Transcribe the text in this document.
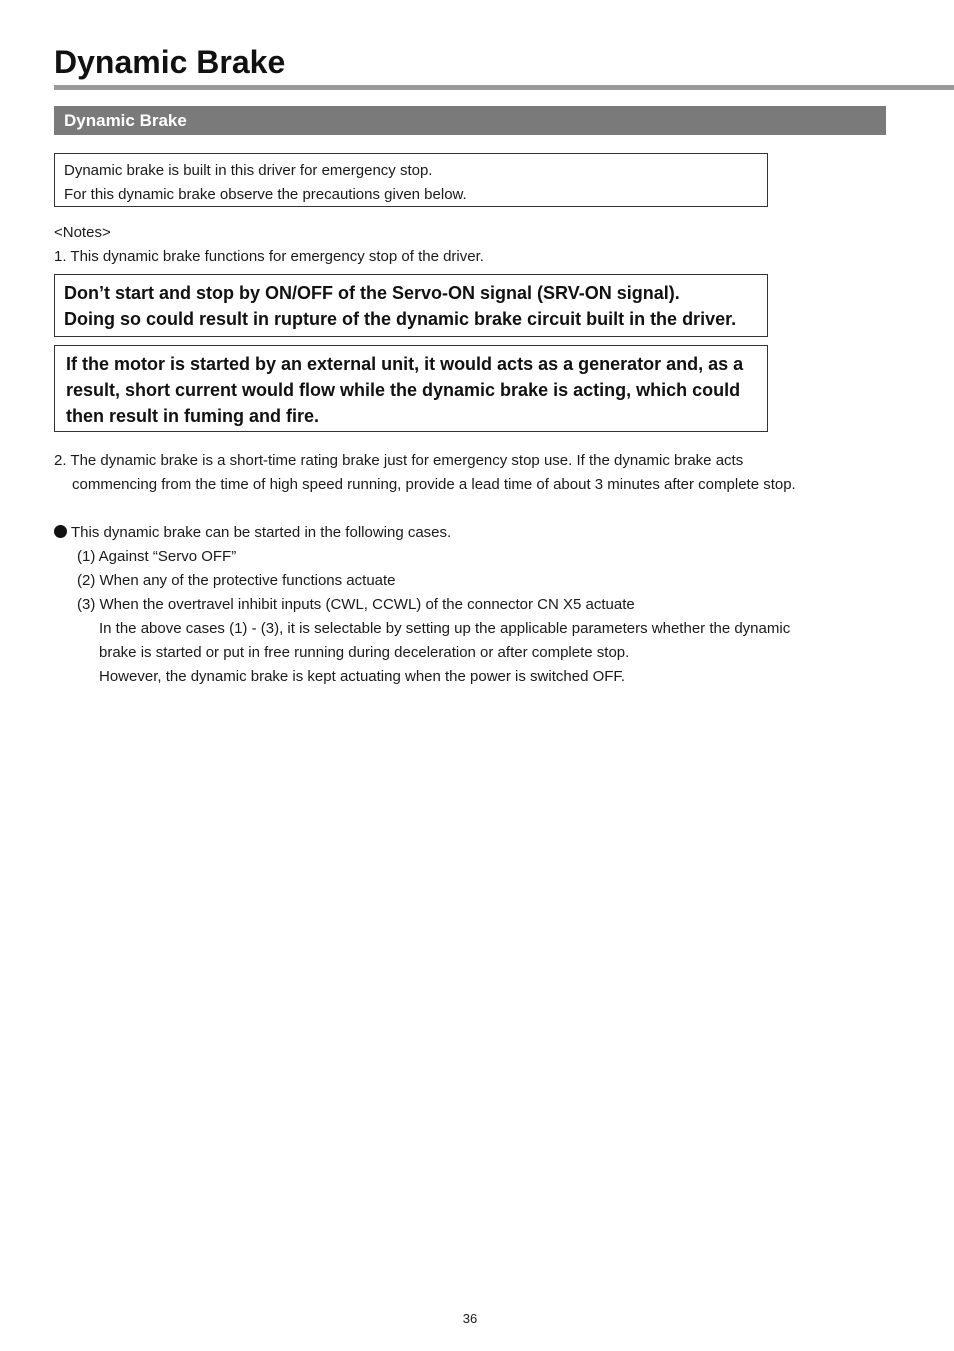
Dynamic Brake
Dynamic Brake
Dynamic brake is built in this driver for emergency stop.
For this dynamic brake observe the precautions given below.
<Notes>
1. This dynamic brake functions for emergency stop of the driver.
Don’t start and stop by ON/OFF of the Servo-ON signal (SRV-ON signal).
Doing so could result in rupture of the dynamic brake circuit built in the driver.
If the motor is started by an external unit, it would acts as a generator and, as a
result, short current would flow while the dynamic brake is acting, which could
then result in fuming and fire.
2. The dynamic brake is a short-time rating brake just for emergency stop use. If the dynamic brake acts
commencing from the time of high speed running, provide a lead time of about 3 minutes after complete stop.
This dynamic brake can be started in the following cases.
(1) Against “Servo OFF”
(2) When any of the protective functions actuate
(3) When the overtravel inhibit inputs (CWL, CCWL) of the connector CN X5 actuate
In the above cases (1) - (3), it is selectable by setting up the applicable parameters whether the dynamic
brake is started or put in free running during deceleration or after complete stop.
However, the dynamic brake is kept actuating when the power is switched OFF.
36
